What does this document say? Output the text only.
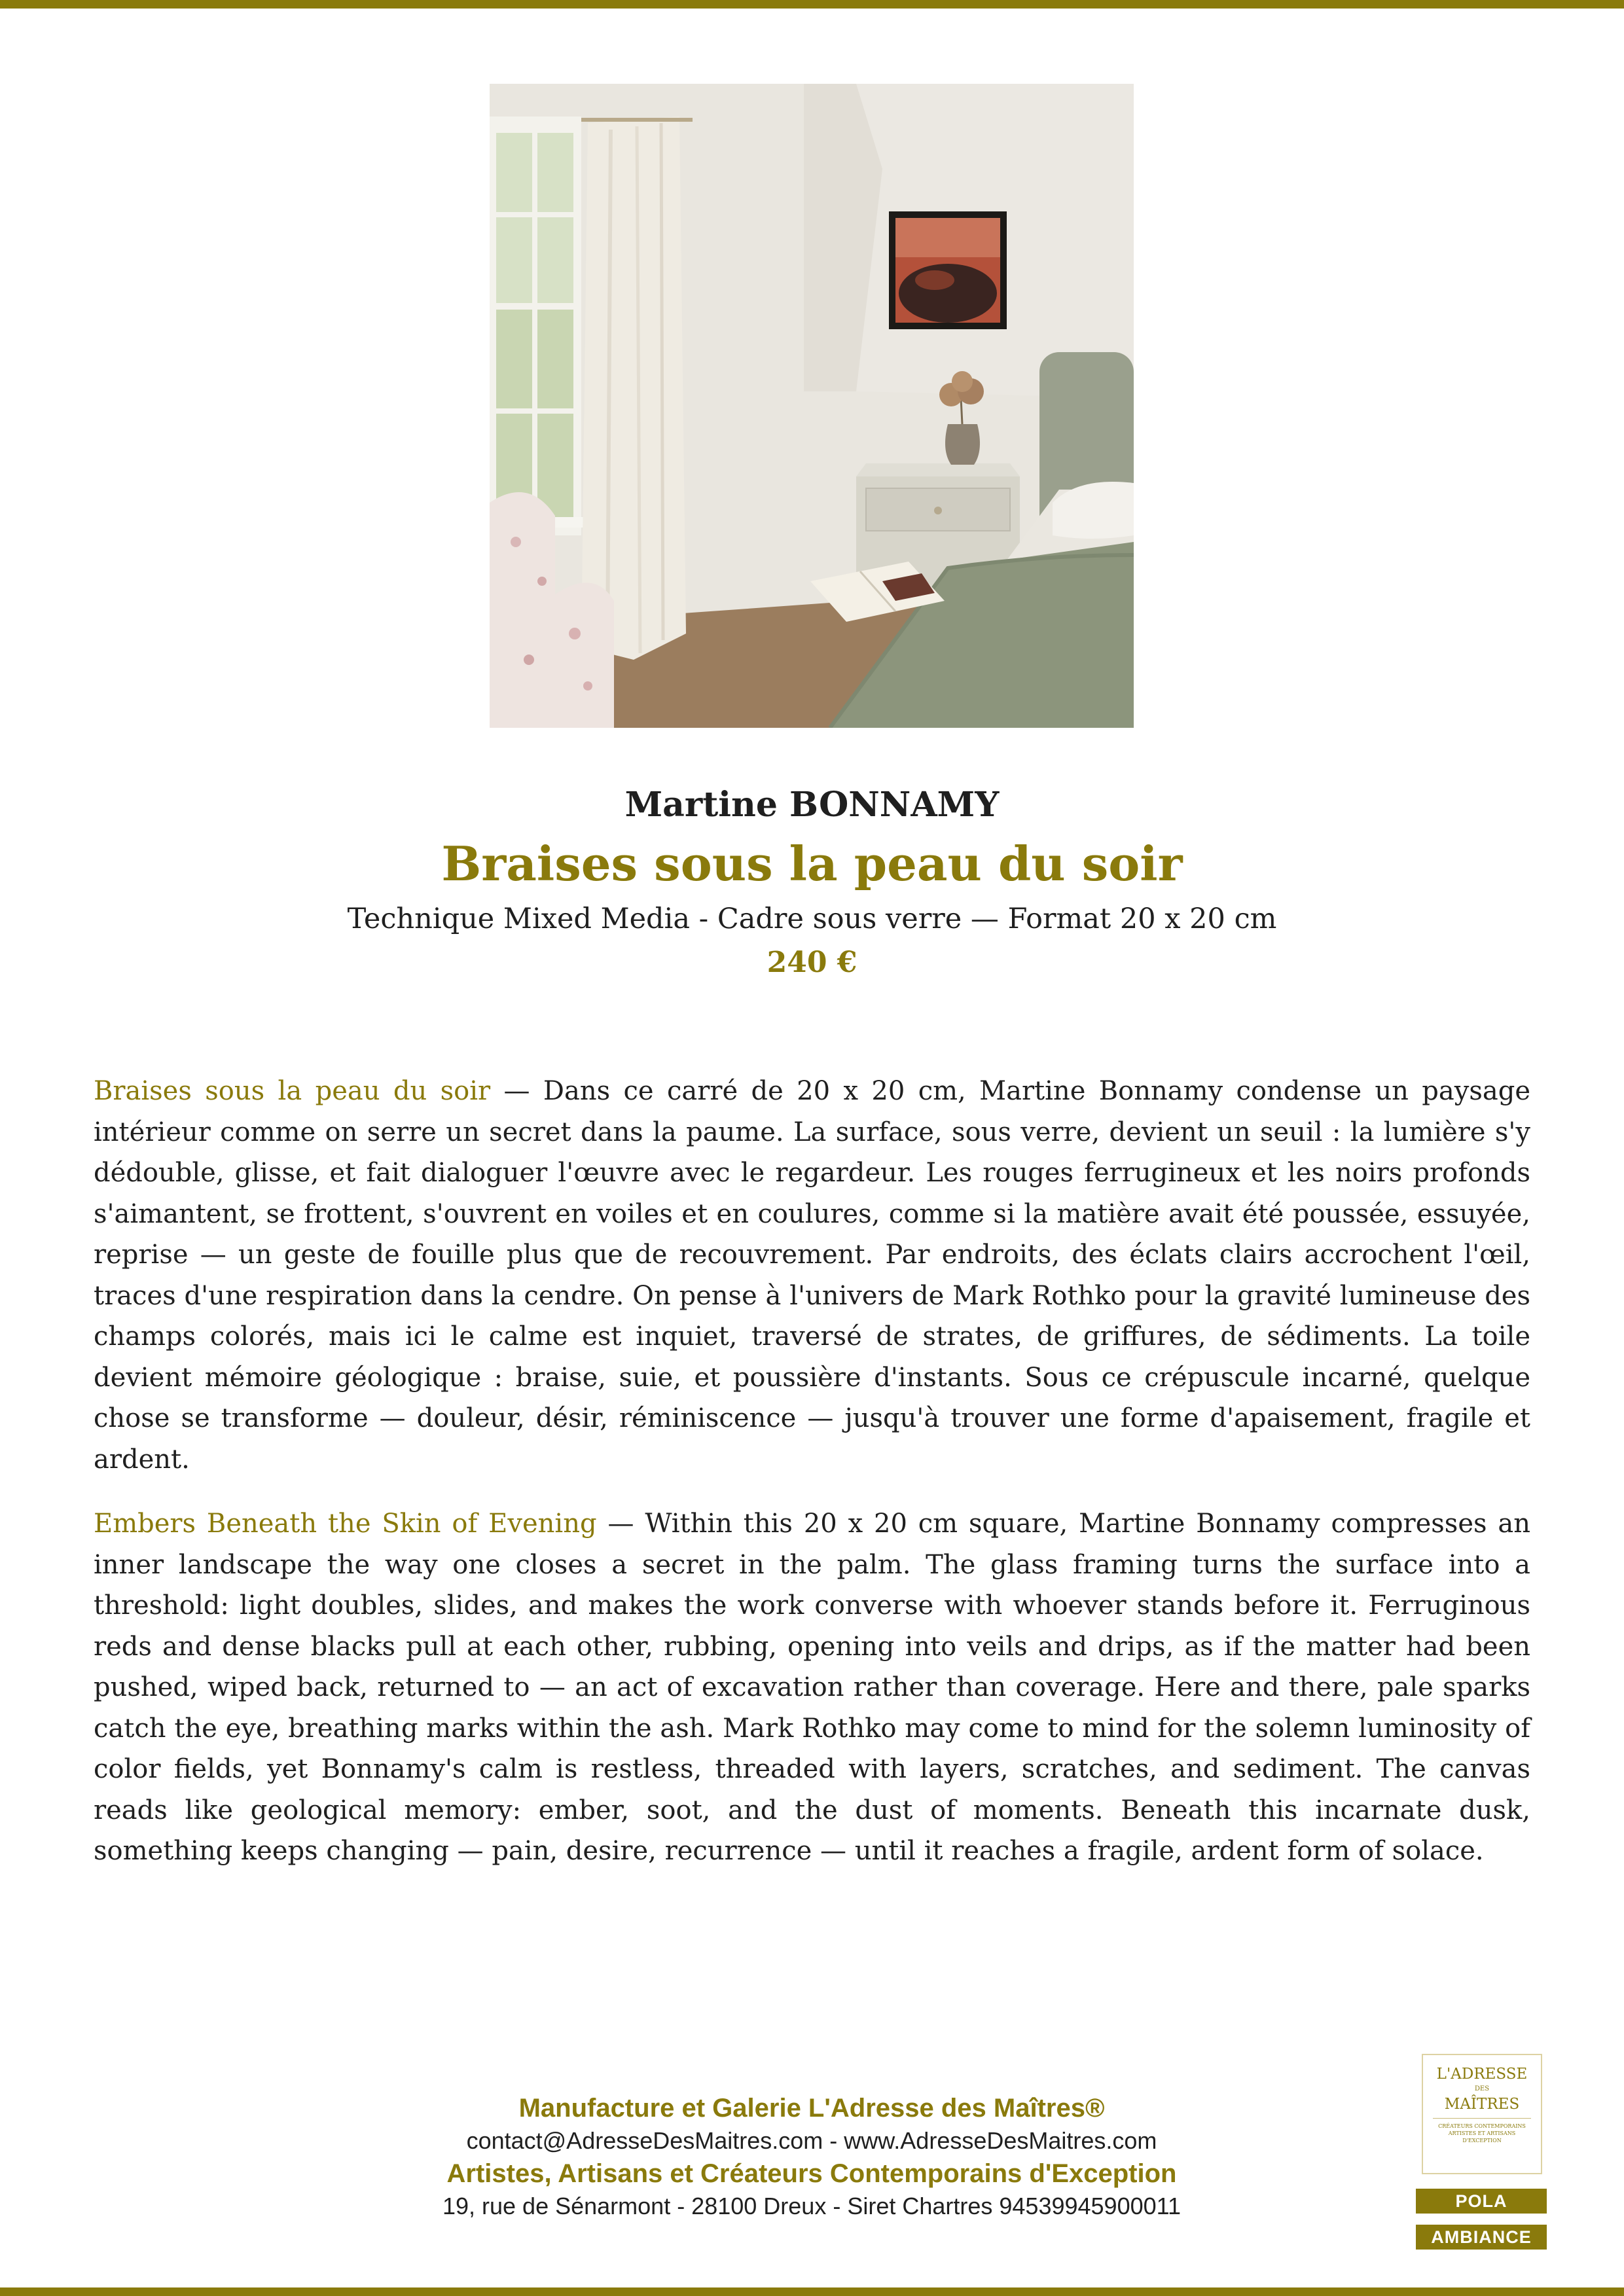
Martine BONNAMY
Braises sous la peau du soir
Technique Mixed Media - Cadre sous verre — Format 20 x 20 cm
240 €

Braises sous la peau du soir — Dans ce carré de 20 x 20 cm, Martine Bonnamy condense un paysage intérieur comme on serre un secret dans la paume. La surface, sous verre, devient un seuil : la lumière s'y dédouble, glisse, et fait dialoguer l'œuvre avec le regardeur. Les rouges ferrugineux et les noirs profonds s'aimantent, se frottent, s'ouvrent en voiles et en coulures, comme si la matière avait été poussée, essuyée, reprise — un geste de fouille plus que de recouvrement. Par endroits, des éclats clairs accrochent l'œil, traces d'une respiration dans la cendre. On pense à l'univers de Mark Rothko pour la gravité lumineuse des champs colorés, mais ici le calme est inquiet, traversé de strates, de griffures, de sédiments. La toile devient mémoire géologique : braise, suie, et poussière d'instants. Sous ce crépuscule incarné, quelque chose se transforme — douleur, désir, réminiscence — jusqu'à trouver une forme d'apaisement, fragile et ardent.

Embers Beneath the Skin of Evening — Within this 20 x 20 cm square, Martine Bonnamy compresses an inner landscape the way one closes a secret in the palm. The glass framing turns the surface into a threshold: light doubles, slides, and makes the work converse with whoever stands before it. Ferruginous reds and dense blacks pull at each other, rubbing, opening into veils and drips, as if the matter had been pushed, wiped back, returned to — an act of excavation rather than coverage. Here and there, pale sparks catch the eye, breathing marks within the ash. Mark Rothko may come to mind for the solemn luminosity of color fields, yet Bonnamy's calm is restless, threaded with layers, scratches, and sediment. The canvas reads like geological memory: ember, soot, and the dust of moments. Beneath this incarnate dusk, something keeps changing — pain, desire, recurrence — until it reaches a fragile, ardent form of solace.

Manufacture et Galerie L'Adresse des Maîtres®
contact@AdresseDesMaitres.com - www.AdresseDesMaitres.com
Artistes, Artisans et Créateurs Contemporains d'Exception
19, rue de Sénarmont - 28100 Dreux - Siret Chartres 94539945900011
L'ADRESSE
DES
MAÎTRES
CRÉATEURS CONTEMPORAINS ARTISTES ET ARTISANS D'EXCEPTION
POLA
AMBIANCE
